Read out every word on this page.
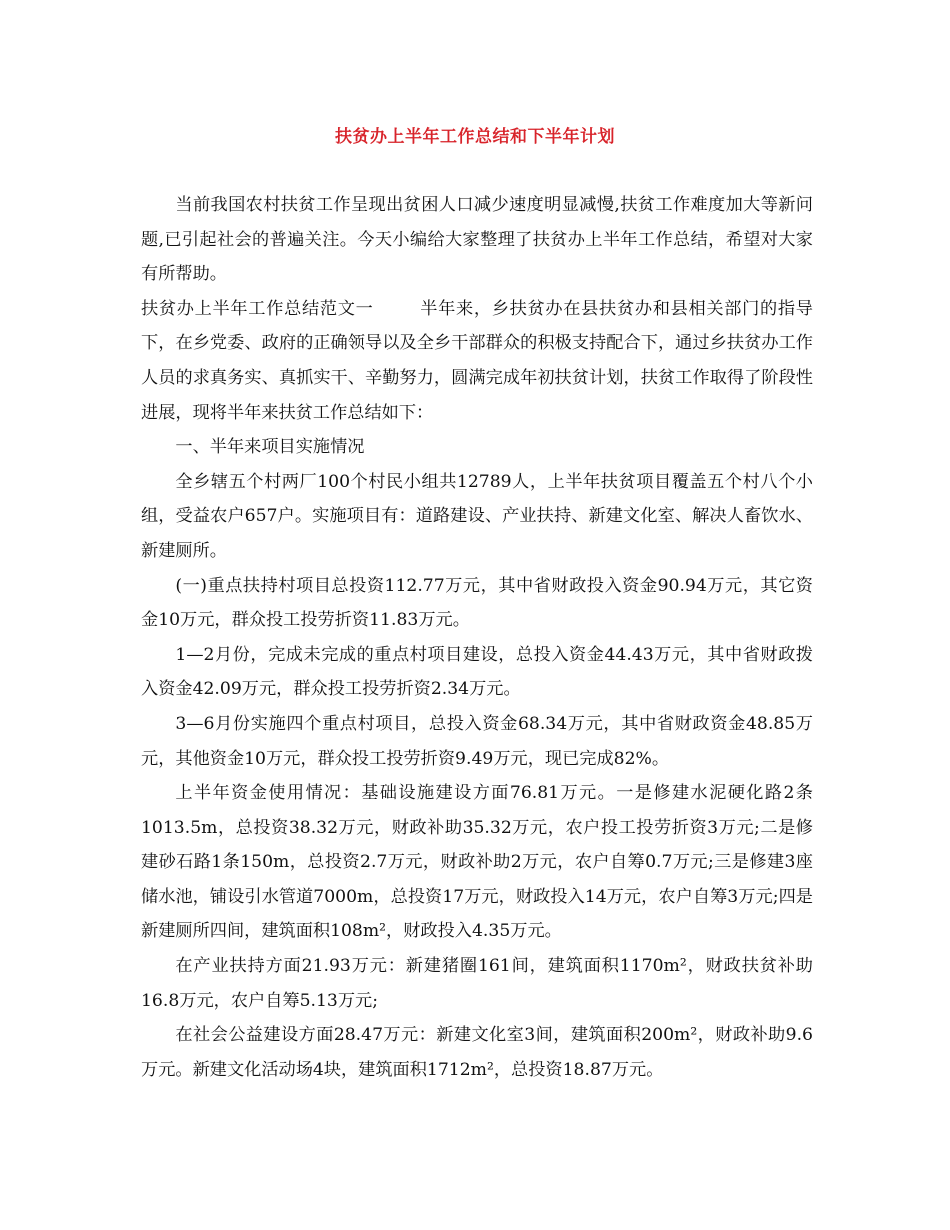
扶贫办上半年工作总结和下半年计划

当前我国农村扶贫工作呈现出贫困人口减少速度明显减慢,扶贫工作难度加大等新问题,已引起社会的普遍关注。今天小编给大家整理了扶贫办上半年工作总结，希望对大家有所帮助。

扶贫办上半年工作总结范文一	半年来，乡扶贫办在县扶贫办和县相关部门的指导下，在乡党委、政府的正确领导以及全乡干部群众的积极支持配合下，通过乡扶贫办工作人员的求真务实、真抓实干、辛勤努力，圆满完成年初扶贫计划，扶贫工作取得了阶段性进展，现将半年来扶贫工作总结如下：

一、半年来项目实施情况

全乡辖五个村两厂100个村民小组共12789人，上半年扶贫项目覆盖五个村八个小组，受益农户657户。实施项目有：道路建设、产业扶持、新建文化室、解决人畜饮水、新建厕所。

(一)重点扶持村项目总投资112.77万元，其中省财政投入资金90.94万元，其它资金10万元，群众投工投劳折资11.83万元。

1—2月份，完成未完成的重点村项目建设，总投入资金44.43万元，其中省财政拨入资金42.09万元，群众投工投劳折资2.34万元。

3—6月份实施四个重点村项目，总投入资金68.34万元，其中省财政资金48.85万元，其他资金10万元，群众投工投劳折资9.49万元，现已完成82%。

上半年资金使用情况：基础设施建设方面76.81万元。一是修建水泥硬化路2条1013.5m，总投资38.32万元，财政补助35.32万元，农户投工投劳折资3万元;二是修建砂石路1条150m，总投资2.7万元，财政补助2万元，农户自筹0.7万元;三是修建3座储水池，铺设引水管道7000m，总投资17万元，财政投入14万元，农户自筹3万元;四是新建厕所四间，建筑面积108m²，财政投入4.35万元。

在产业扶持方面21.93万元：新建猪圈161间，建筑面积1170m²，财政扶贫补助16.8万元，农户自筹5.13万元;

在社会公益建设方面28.47万元：新建文化室3间，建筑面积200m²，财政补助9.6万元。新建文化活动场4块，建筑面积1712m²，总投资18.87万元。
